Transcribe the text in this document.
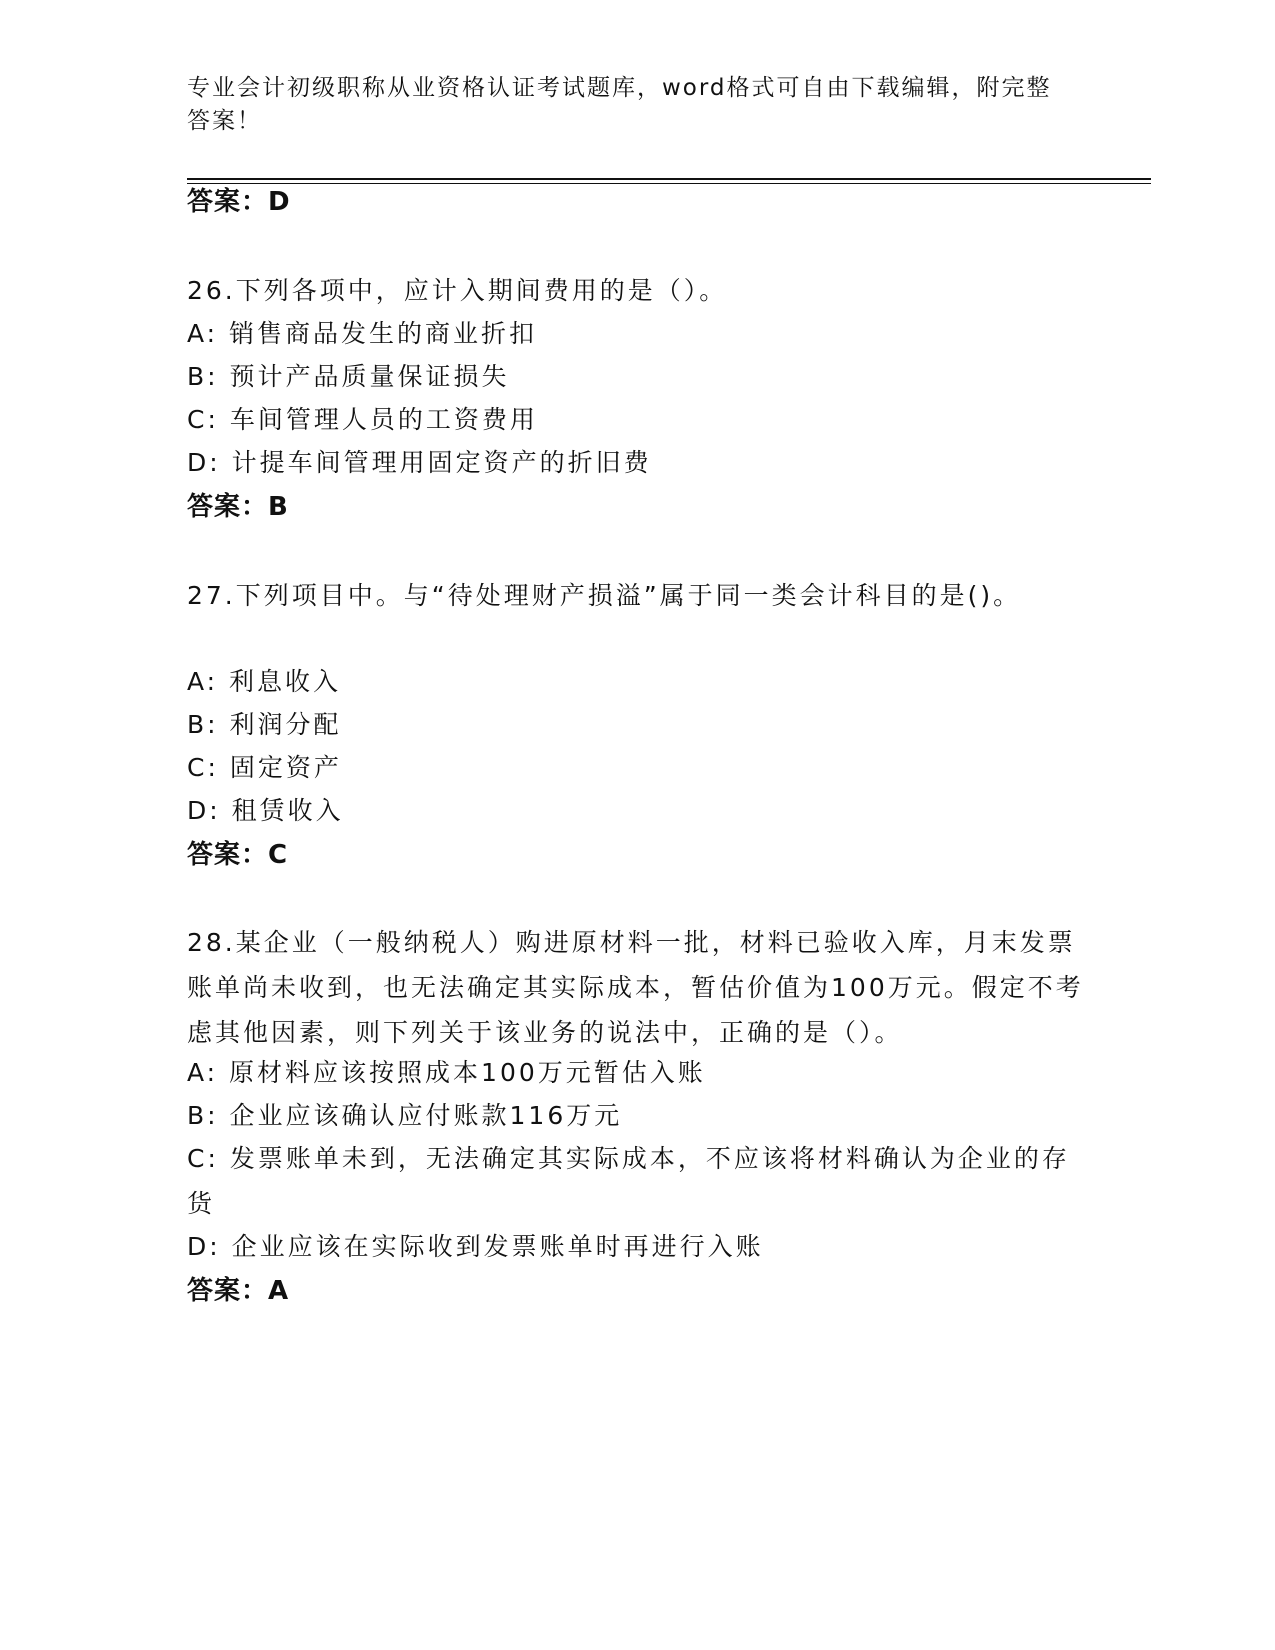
专业会计初级职称从业资格认证考试题库，word格式可自由下载编辑，附完整答案！
答案：D
26.下列各项中，应计入期间费用的是（）。
A: 销售商品发生的商业折扣
B: 预计产品质量保证损失
C: 车间管理人员的工资费用
D: 计提车间管理用固定资产的折旧费
答案：B
27.下列项目中。与“待处理财产损溢”属于同一类会计科目的是()。
A: 利息收入
B: 利润分配
C: 固定资产
D: 租赁收入
答案：C
28.某企业（一般纳税人）购进原材料一批，材料已验收入库，月末发票账单尚未收到，也无法确定其实际成本，暂估价值为100万元。假定不考虑其他因素，则下列关于该业务的说法中，正确的是（）。
A: 原材料应该按照成本100万元暂估入账
B: 企业应该确认应付账款116万元
C: 发票账单未到，无法确定其实际成本，不应该将材料确认为企业的存货
D: 企业应该在实际收到发票账单时再进行入账
答案：A
